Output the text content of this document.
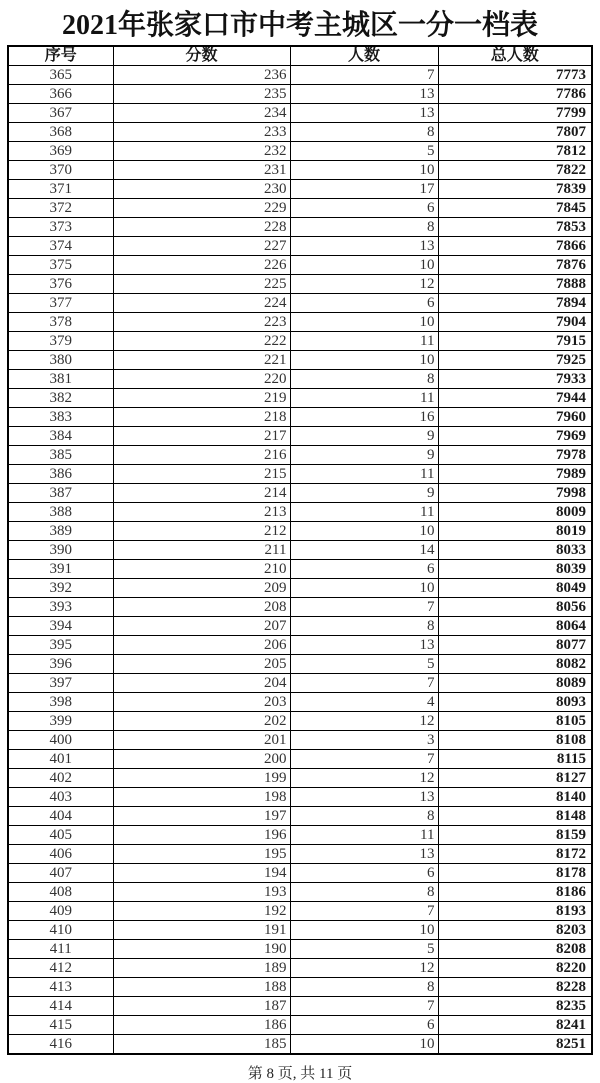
2021年张家口市中考主城区一分一档表
序号	分数	人数	总人数
365	236	7	7773
366	235	13	7786
367	234	13	7799
368	233	8	7807
369	232	5	7812
370	231	10	7822
371	230	17	7839
372	229	6	7845
373	228	8	7853
374	227	13	7866
375	226	10	7876
376	225	12	7888
377	224	6	7894
378	223	10	7904
379	222	11	7915
380	221	10	7925
381	220	8	7933
382	219	11	7944
383	218	16	7960
384	217	9	7969
385	216	9	7978
386	215	11	7989
387	214	9	7998
388	213	11	8009
389	212	10	8019
390	211	14	8033
391	210	6	8039
392	209	10	8049
393	208	7	8056
394	207	8	8064
395	206	13	8077
396	205	5	8082
397	204	7	8089
398	203	4	8093
399	202	12	8105
400	201	3	8108
401	200	7	8115
402	199	12	8127
403	198	13	8140
404	197	8	8148
405	196	11	8159
406	195	13	8172
407	194	6	8178
408	193	8	8186
409	192	7	8193
410	191	10	8203
411	190	5	8208
412	189	12	8220
413	188	8	8228
414	187	7	8235
415	186	6	8241
416	185	10	8251
第 8 页, 共 11 页
